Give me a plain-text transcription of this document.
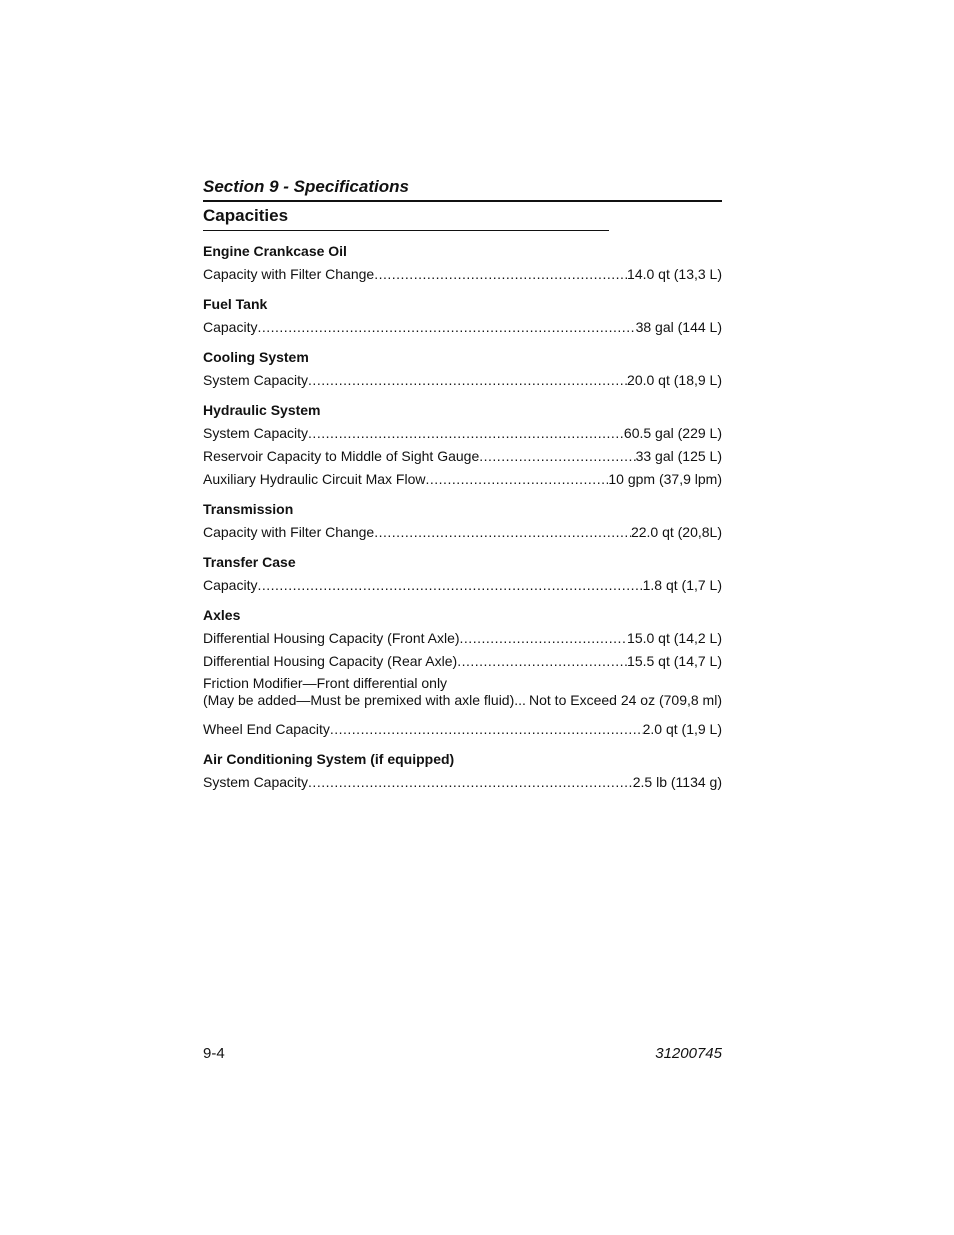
Section 9 - Specifications
Capacities
Engine Crankcase Oil
Capacity with Filter Change .....	14.0 qt (13,3 L)
Fuel Tank
Capacity .....	38 gal (144 L)
Cooling System
System Capacity .....	20.0 qt (18,9 L)
Hydraulic System
System Capacity .....	60.5 gal (229 L)
Reservoir Capacity to Middle of Sight Gauge .....	33 gal (125 L)
Auxiliary Hydraulic Circuit Max Flow .....	10 gpm (37,9 lpm)
Transmission
Capacity with Filter Change .....	22.0 qt (20,8L)
Transfer Case
Capacity .....	1.8 qt (1,7 L)
Axles
Differential Housing Capacity (Front Axle) .....	15.0 qt (14,2 L)
Differential Housing Capacity (Rear Axle) .....	15.5 qt (14,7 L)
Friction Modifier—Front differential only
(May be added—Must be premixed with axle fluid)... Not to Exceed 24 oz (709,8 ml)
Wheel End Capacity .....	2.0 qt (1,9 L)
Air Conditioning System (if equipped)
System Capacity .....	2.5 lb (1134 g)
9-4	31200745
